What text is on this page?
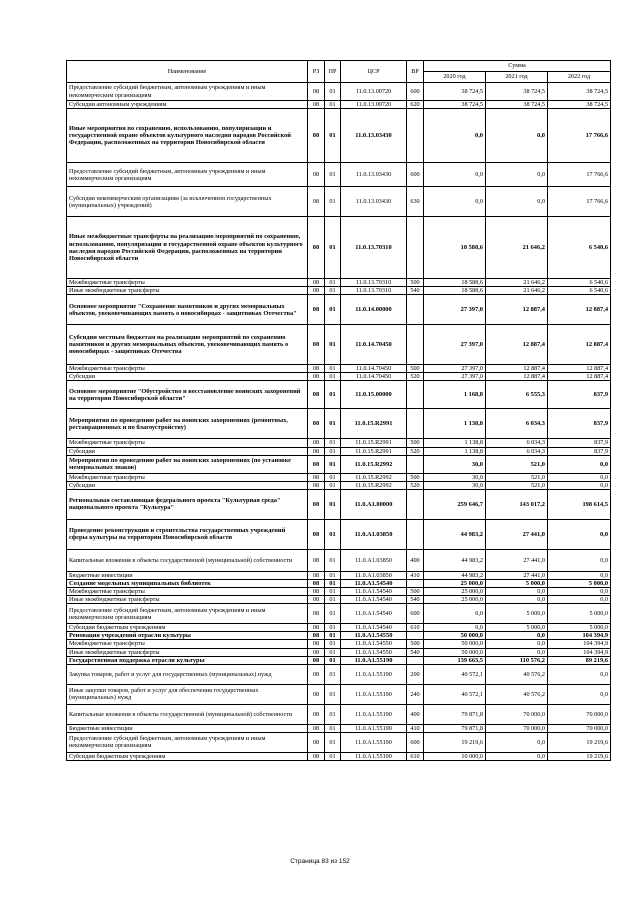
Наименование	РЗ	ПР	ЦСР	ВР	Сумма		
					2020 год	2021 год	2022 год
Предоставление субсидий бюджетным, автономным учреждениям и иным некоммерческим организациям	08	01	11.0.13.00720	600	38 724,5	38 724,5	38 724,5
Субсидии автономным учреждениям	08	01	11.0.13.00720	620	38 724,5	38 724,5	38 724,5
Иные мероприятия по сохранению, использованию, популяризации и государственной охране объектов культурного наследия народов Российской Федерации, расположенных на территории Новосибирской области	08	01	11.0.13.03430		0,0	0,0	17 766,6
Предоставление субсидий бюджетным, автономным учреждениям и иным некоммерческим организациям	08	01	11.0.13.03430	600	0,0	0,0	17 766,6
Субсидии некоммерческим организациям (за исключением государственных (муниципальных) учреждений)	08	01	11.0.13.03430	630	0,0	0,0	17 766,6
Иные межбюджетные трансферты на реализацию мероприятий по сохранению, использованию, популяризации и государственной охране объектов культурного наследия народов Российской Федерации, расположенных на территории Новосибирской области	08	01	11.0.13.70310		18 588,6	21 646,2	6 540,6
Межбюджетные трансферты	08	01	11.0.13.70310	500	18 588,6	21 646,2	6 540,6
Иные межбюджетные трансферты	08	01	11.0.13.70310	540	18 588,6	21 646,2	6 540,6
Основное мероприятие "Сохранение памятников и других мемориальных объектов, увековечивающих память о новосибирцах - защитниках Отечества"	08	01	11.0.14.00000		27 397,0	12 887,4	12 887,4
Субсидии местным бюджетам на реализацию мероприятий по сохранению памятников и других мемориальных объектов, увековечивающих память о новосибирцах - защитниках Отечества	08	01	11.0.14.70450		27 397,0	12 887,4	12 887,4
Межбюджетные трансферты	08	01	11.0.14.70450	500	27 397,0	12 887,4	12 887,4
Субсидии	08	01	11.0.14.70450	520	27 397,0	12 887,4	12 887,4
Основное мероприятие "Обустройство и восстановление воинских захоронений на территории Новосибирской области"	08	01	11.0.15.00000		1 168,8	6 555,3	837,9
Мероприятия по проведению работ на воинских захоронениях (ремонтных, реставрационных и по благоустройству)	08	01	11.0.15.R2991		1 138,8	6 034,3	837,9
Межбюджетные трансферты	08	01	11.0.15.R2991	500	1 138,8	6 034,3	837,9
Субсидии	08	01	11.0.15.R2991	520	1 138,8	6 034,3	837,9
Мероприятия по проведению работ на воинских захоронениях (по установке мемориальных знаков)	08	01	11.0.15.R2992		30,0	521,0	0,0
Межбюджетные трансферты	08	01	11.0.15.R2992	500	30,0	521,0	0,0
Субсидии	08	01	11.0.15.R2992	520	30,0	521,0	0,0
Региональная составляющая федерального проекта "Культурная среда" национального проекта "Культура"	08	01	11.0.A1.00000		259 646,7	143 017,2	198 614,5
Проведение реконструкции и строительства государственных учреждений сферы культуры на территории Новосибирской области	08	01	11.0.A1.03850		44 983,2	27 441,0	0,0
Капитальные вложения в объекты государственной (муниципальной) собственности	08	01	11.0.A1.03850	400	44 983,2	27 441,0	0,0
Бюджетные инвестиции	08	01	11.0.A1.03850	410	44 983,2	27 441,0	0,0
Создание модельных муниципальных библиотек	08	01	11.0.A1.54540		25 000,0	5 000,0	5 000,0
Межбюджетные трансферты	08	01	11.0.A1.54540	500	25 000,0	0,0	0,0
Иные межбюджетные трансферты	08	01	11.0.A1.54540	540	25 000,0	0,0	0,0
Предоставление субсидий бюджетным, автономным учреждениям и иным некоммерческим организациям	08	01	11.0.A1.54540	600	0,0	5 000,0	5 000,0
Субсидии бюджетным учреждениям	08	01	11.0.A1.54540	610	0,0	5 000,0	5 000,0
Реновация учреждений отрасли культуры	08	01	11.0.A1.54550		50 000,0	0,0	104 394,9
Межбюджетные трансферты	08	01	11.0.A1.54550	500	50 000,0	0,0	104 394,9
Иные межбюджетные трансферты	08	01	11.0.A1.54550	540	50 000,0	0,0	104 394,9
Государственная поддержка отрасли культуры	08	01	11.0.A1.55190		139 663,5	110 576,2	89 219,6
Закупка товаров, работ и услуг для государственных (муниципальных) нужд	08	01	11.0.A1.55190	200	40 572,1	40 576,2	0,0
Иные закупки товаров, работ и услуг для обеспечения государственных (муниципальных) нужд	08	01	11.0.A1.55190	240	40 572,1	40 576,2	0,0
Капитальные вложения в объекты государственной (муниципальной) собственности	08	01	11.0.A1.55190	400	79 871,8	70 000,0	70 000,0
Бюджетные инвестиции	08	01	11.0.A1.55190	410	79 871,8	70 000,0	70 000,0
Предоставление субсидий бюджетным, автономным учреждениям и иным некоммерческим организациям	08	01	11.0.A1.55190	600	19 219,6	0,0	19 219,6
Субсидии бюджетным учреждениям	08	01	11.0.A1.55190	610	10 000,0	0,0	19 219,6
Страница 83 из 152
